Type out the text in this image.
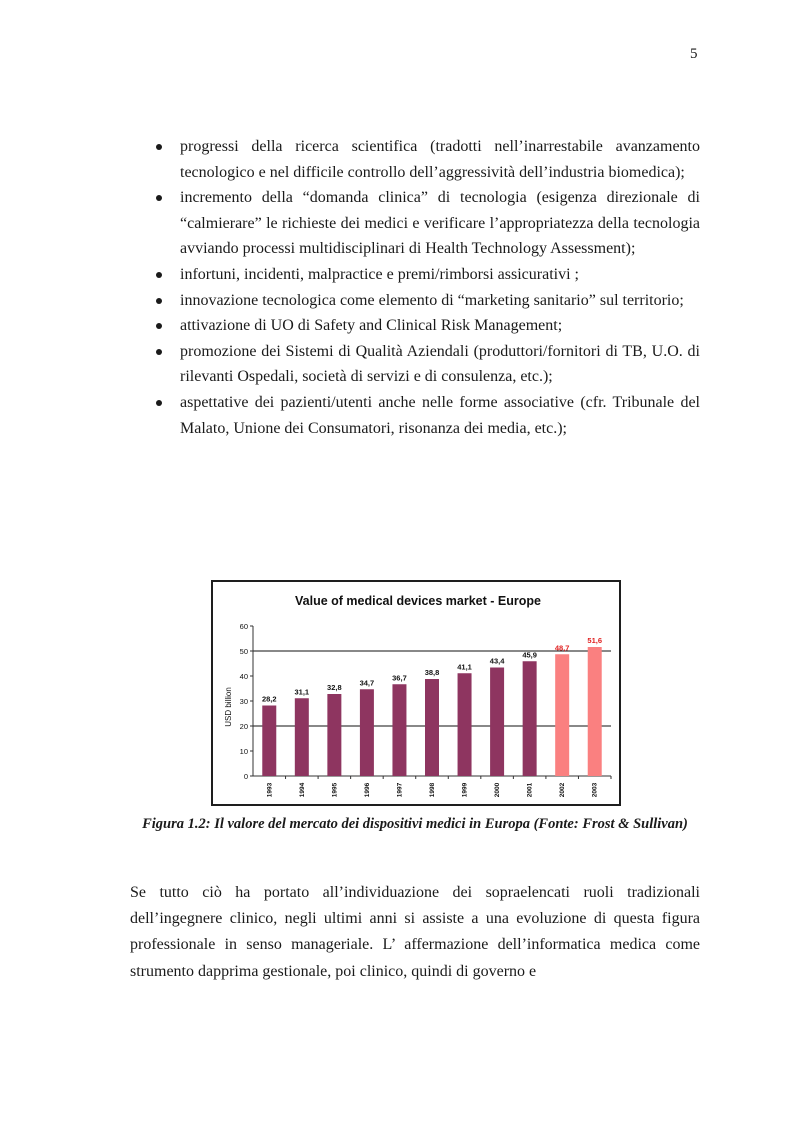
5
progressi della ricerca scientifica (tradotti nell’inarrestabile avanzamento tecnologico e nel difficile controllo dell’aggressività dell’industria biomedica);
incremento della “domanda clinica” di tecnologia (esigenza direzionale di “calmierare” le richieste dei medici e verificare l’appropriatezza della tecnologia avviando processi multidisciplinari di Health Technology Assessment);
infortuni, incidenti, malpractice e premi/rimborsi assicurativi ;
innovazione tecnologica come elemento di “marketing sanitario” sul territorio;
attivazione di UO di Safety and Clinical Risk Management;
promozione dei Sistemi di Qualità Aziendali (produttori/fornitori di TB, U.O. di rilevanti Ospedali, società di servizi e di consulenza, etc.);
aspettative dei pazienti/utenti anche nelle forme associative (cfr. Tribunale del Malato, Unione dei Consumatori, risonanza dei media, etc.);
Value of medical devices market - Europe
0
10
20
30
40
50
60
USD billion	28,2
1993
31,1
1994
32,8
1995
34,7
1996
36,7
1997
38,8
1998
41,1
1999
43,4
2000
45,9
2001
48,7
2002
51,6
2003
Figura 1.2: Il valore del mercato dei dispositivi medici in Europa (Fonte: Frost & Sullivan)

Se tutto ciò ha portato all’individuazione dei sopraelencati ruoli tradizionali dell’ingegnere clinico, negli ultimi anni si assiste a una evoluzione di questa figura professionale in senso manageriale. L’ affermazione dell’informatica medica come strumento dapprima gestionale, poi clinico, quindi di governo e
